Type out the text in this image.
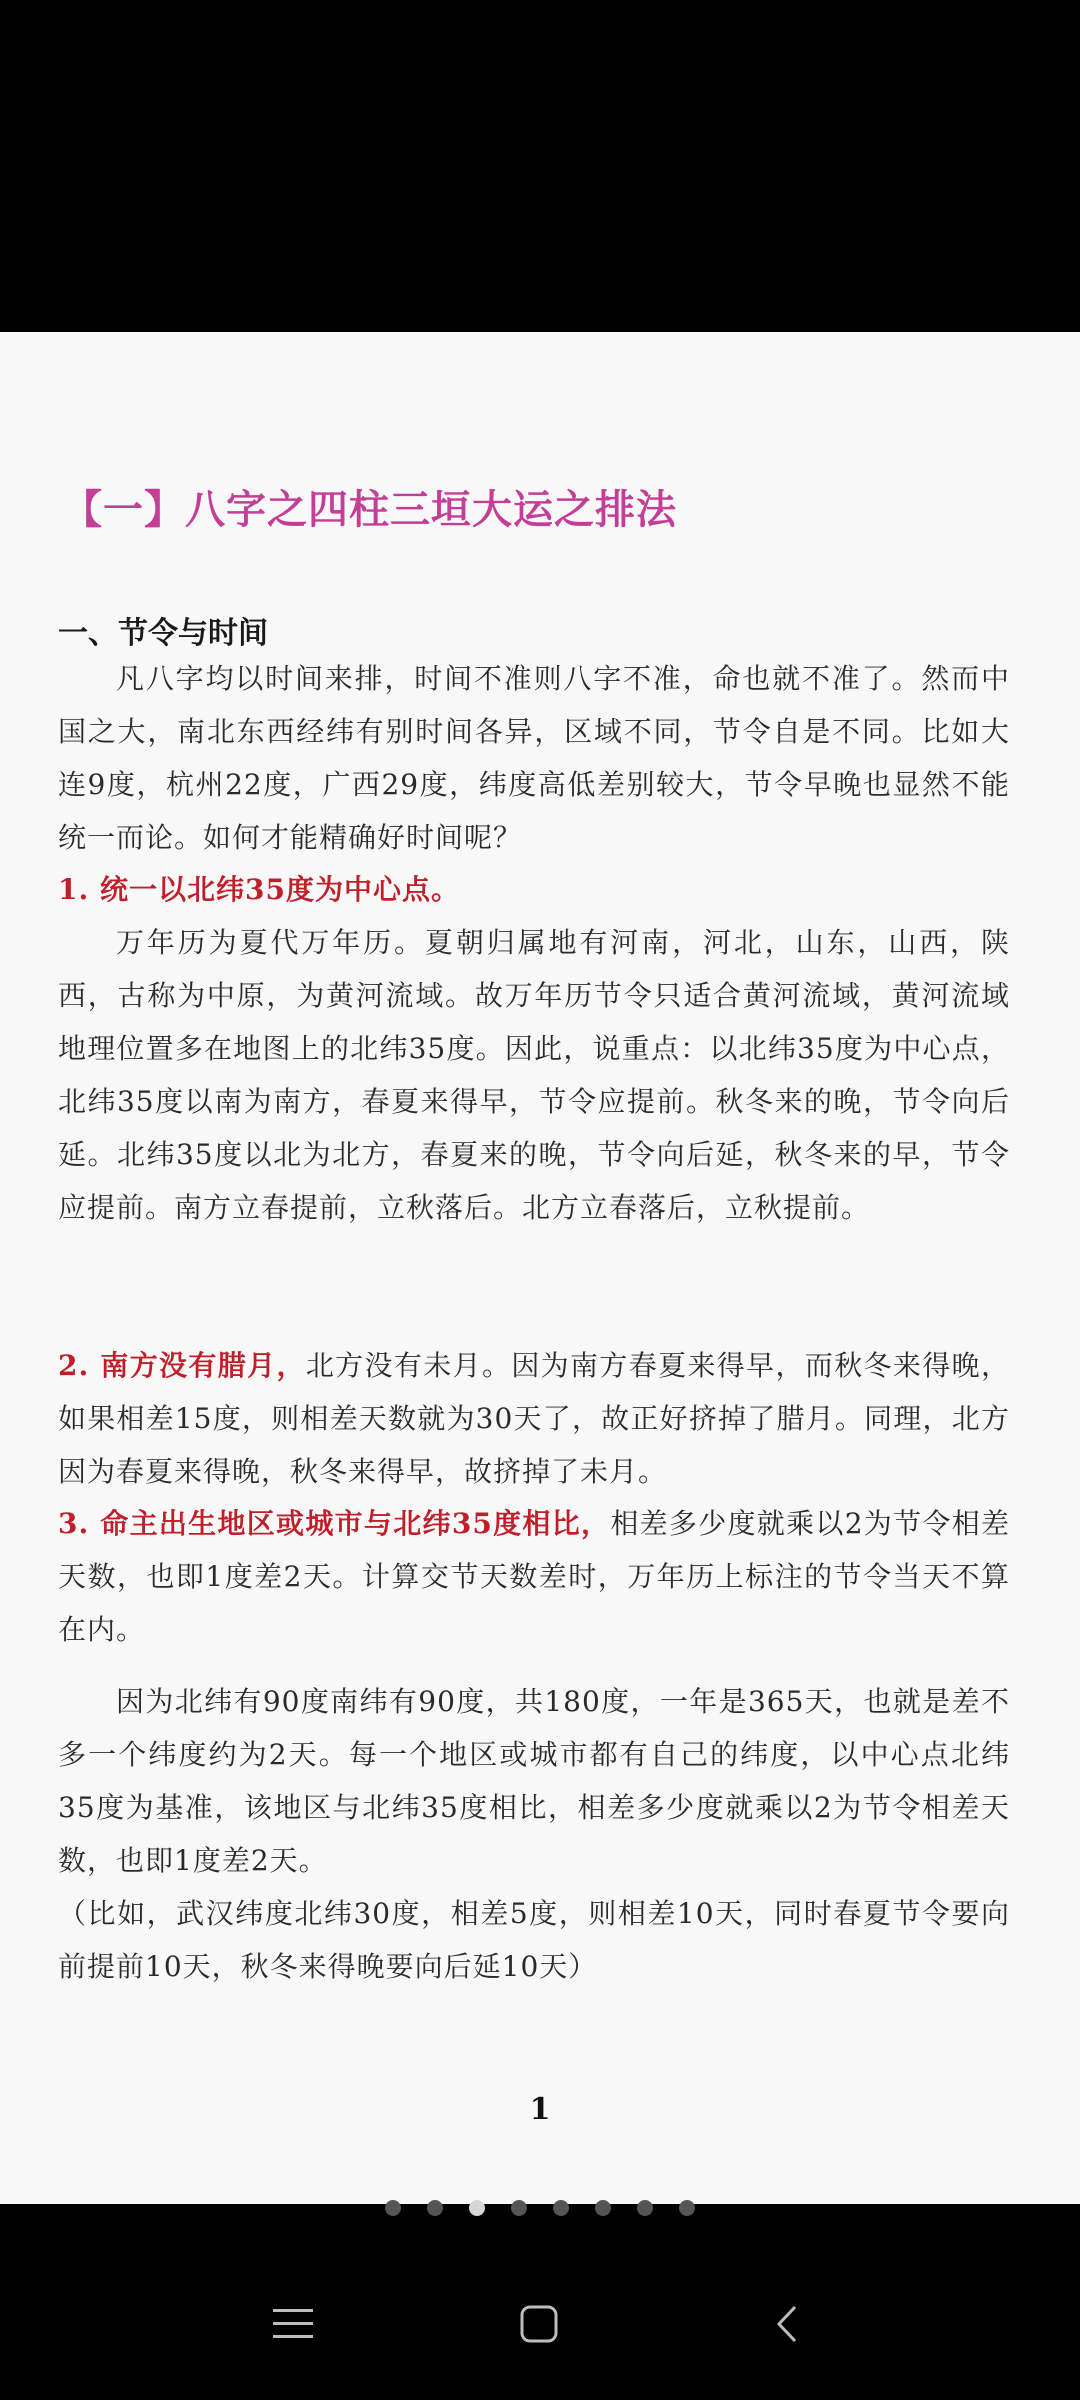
【一】八字之四柱三垣大运之排法
一、节令与时间
凡八字均以时间来排，时间不准则八字不准，命也就不准了。然而中国之大，南北东西经纬有别时间各异，区域不同，节令自是不同。比如大连9度，杭州22度，广西29度，纬度高低差别较大，节令早晚也显然不能统一而论。如何才能精确好时间呢？
1. 统一以北纬35度为中心点。
万年历为夏代万年历。夏朝归属地有河南，河北，山东，山西，陕西，古称为中原，为黄河流域。故万年历节令只适合黄河流域，黄河流域地理位置多在地图上的北纬35度。因此，说重点：以北纬35度为中心点，北纬35度以南为南方，春夏来得早，节令应提前。秋冬来的晚，节令向后延。北纬35度以北为北方，春夏来的晚，节令向后延，秋冬来的早，节令应提前。南方立春提前，立秋落后。北方立春落后，立秋提前。
2. 南方没有腊月，北方没有未月。因为南方春夏来得早，而秋冬来得晚，如果相差15度，则相差天数就为30天了，故正好挤掉了腊月。同理，北方因为春夏来得晚，秋冬来得早，故挤掉了未月。
3. 命主出生地区或城市与北纬35度相比，相差多少度就乘以2为节令相差天数，也即1度差2天。计算交节天数差时，万年历上标注的节令当天不算在内。
因为北纬有90度南纬有90度，共180度，一年是365天，也就是差不多一个纬度约为2天。每一个地区或城市都有自己的纬度，以中心点北纬35度为基准，该地区与北纬35度相比，相差多少度就乘以2为节令相差天数，也即1度差2天。
（比如，武汉纬度北纬30度，相差5度，则相差10天，同时春夏节令要向前提前10天，秋冬来得晚要向后延10天）
1
